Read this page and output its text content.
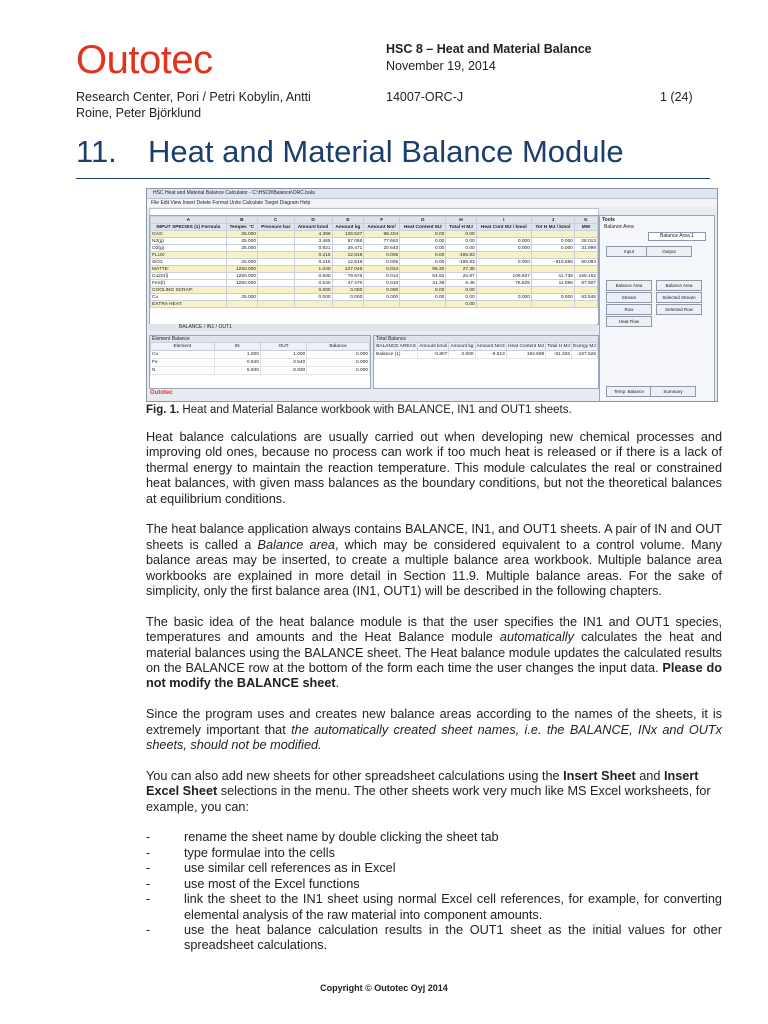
Outotec	HSC 8 – Heat and Material Balance
November 19, 2014
Research Center, Pori / Petri Kobylin, Antti
Roine, Peter Björklund
14007-ORC-J	1 (24)
11. Heat and Material Balance Module
HSC Heat and Material Balance Calculator - C:\HSC8\Balance\ORC.bala
File Edit View Insert Delete Format Units Calculate Target Diagram Help
A	B	C	D	E	F	G	H	I	J	K
INPUT SPECIES (1) Formula	Temper. °C	Pressure bar	Amount kmol	Amount kg	Amount Nm³	Heat Content MJ	Total H MJ	Heat Cont MJ / kmol	Tot H MJ / kmol	MW
GAS:	25.000		4.396	126.537	98.404	0.00	0.00			
N2(g)	25.000		3.465	97.066	77.663	0.00	0.00	0.000	0.000	28.013
O2(g)	25.000		0.921	29.471	20.643	0.00	0.00	0.000	0.000	31.999
FLUX:			0.215	12.918	0.005	0.00	-195.83			
SiO2	25.000		0.215	12.918	0.005	0.00	-195.83	0.000	-910.856	60.084
MATTE:	1250.000		1.040	127.046	0.024	96.30	27.35			
Cu2S(l)	1250.000		0.500	79.576	0.014	54.92	20.87	109.837	41.739	159.152
FeS(l)	1250.000		0.540	47.470	0.010	41.38	6.48	76.625	11.995	87.907
COOLING SCRAP:			0.000	0.000	0.000	0.00	0.00			
Cu	25.000		0.000	0.000	0.000	0.00	0.00	0.000	0.000	63.546
EXTRA HEAT:							0.00			
BALANCE / IN1 / OUT1
Tools
Balance Area
Balance Area 1
Input	Output
Balance Area	Balance Area
Stream	Selected Stream
Row	Selected Row
Heat Flow
Temp. Balance	Summary
Element Balance
Element	IN	OUT	Balance
Cu	1.000	1.000	0.000
Fe	0.540	0.540	0.000
N	6.930	6.930	0.000
Total Balance
BALANCE AREAS	Amount kmol	Amount kg	Amount Nm3	Heat Content MJ	Total H MJ	Exergy MJ
Balance (1)	-0.807	0.000	-6.813	194.699	-81.326	-167.526
Outotec
Fig. 1. Heat and Material Balance workbook with BALANCE, IN1 and OUT1 sheets.

Heat balance calculations are usually carried out when developing new chemical processes and improving old ones, because no process can work if too much heat is released or if there is a lack of thermal energy to maintain the reaction temperature. This module calculates the real or constrained heat balances, with given mass balances as the boundary conditions, but not the theoretical balances at equilibrium conditions.

The heat balance application always contains BALANCE, IN1, and OUT1 sheets. A pair of IN and OUT sheets is called a Balance area, which may be considered equivalent to a control volume. Many balance areas may be inserted, to create a multiple balance area workbook. Multiple balance area workbooks are explained in more detail in Section 11.9. Multiple balance areas. For the sake of simplicity, only the first balance area (IN1, OUT1) will be described in the following chapters.

The basic idea of the heat balance module is that the user specifies the IN1 and OUT1 species, temperatures and amounts and the Heat Balance module automatically calculates the heat and material balances using the BALANCE sheet. The Heat balance module updates the calculated results on the BALANCE row at the bottom of the form each time the user changes the input data. Please do not modify the BALANCE sheet.

Since the program uses and creates new balance areas according to the names of the sheets, it is extremely important that the automatically created sheet names, i.e. the BALANCE, INx and OUTx sheets, should not be modified.

You can also add new sheets for other spreadsheet calculations using the Insert Sheet and Insert Excel Sheet selections in the menu. The other sheets work very much like MS Excel worksheets, for example, you can:

-	rename the sheet name by double clicking the sheet tab
-	type formulae into the cells
-	use similar cell references as in Excel
-	use most of the Excel functions
-	link the sheet to the IN1 sheet using normal Excel cell references, for example, for converting elemental analysis of the raw material into component amounts.
-	use the heat balance calculation results in the OUT1 sheet as the initial values for other spreadsheet calculations.
Copyright © Outotec Oyj 2014
